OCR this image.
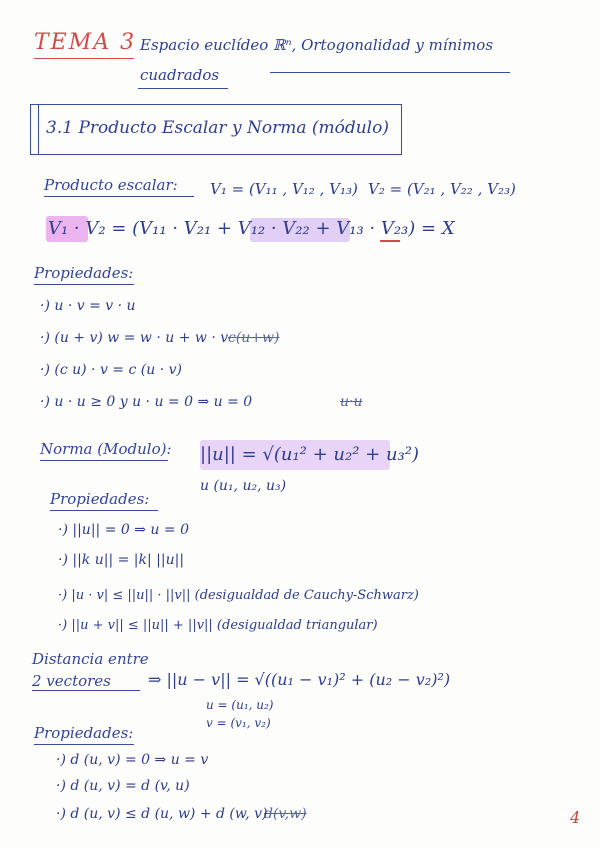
TEMA 3 Espacio euclídeo ℝⁿ, Ortogonalidad y mínimos
cuadrados
3.1 Producto Escalar y Norma (módulo)
Producto escalar: V₁ = (V₁₁ , V₁₂ , V₁₃) V₂ = (V₂₁ , V₂₂ , V₂₃)
V₁ · V₂ = (V₁₁ · V₂₁ + V₁₂ · V₂₂ + V₁₃ · V₂₃) = X
Propiedades:
·) u · v = v · u
·) (u + v) w = w · u + w · v c(u+w)
·) (c u) · v = c (u · v)
·) u · u ≥ 0 y u · u = 0 ⇒ u = 0	u·u
Norma (Modulo): ||u|| = √(u₁² + u₂² + u₃²)
u (u₁, u₂, u₃)
Propiedades:
·) ||u|| = 0 ⇒ u = 0
·) ||k u|| = |k| ||u||
·) |u · v| ≤ ||u|| · ||v|| (desigualdad de Cauchy-Schwarz)
·) ||u + v|| ≤ ||u|| + ||v|| (desigualdad triangular)
Distancia entre
2 vectores ⇒ ||u − v|| = √((u₁ − v₁)² + (u₂ − v₂)²)
u = (u₁, u₂)
v = (v₁, v₂)
Propiedades:
·) d (u, v) = 0 ⇒ u = v
·) d (u, v) = d (v, u)
·) d (u, v) ≤ d (u, w) + d (w, v)
d(v,w)	4
